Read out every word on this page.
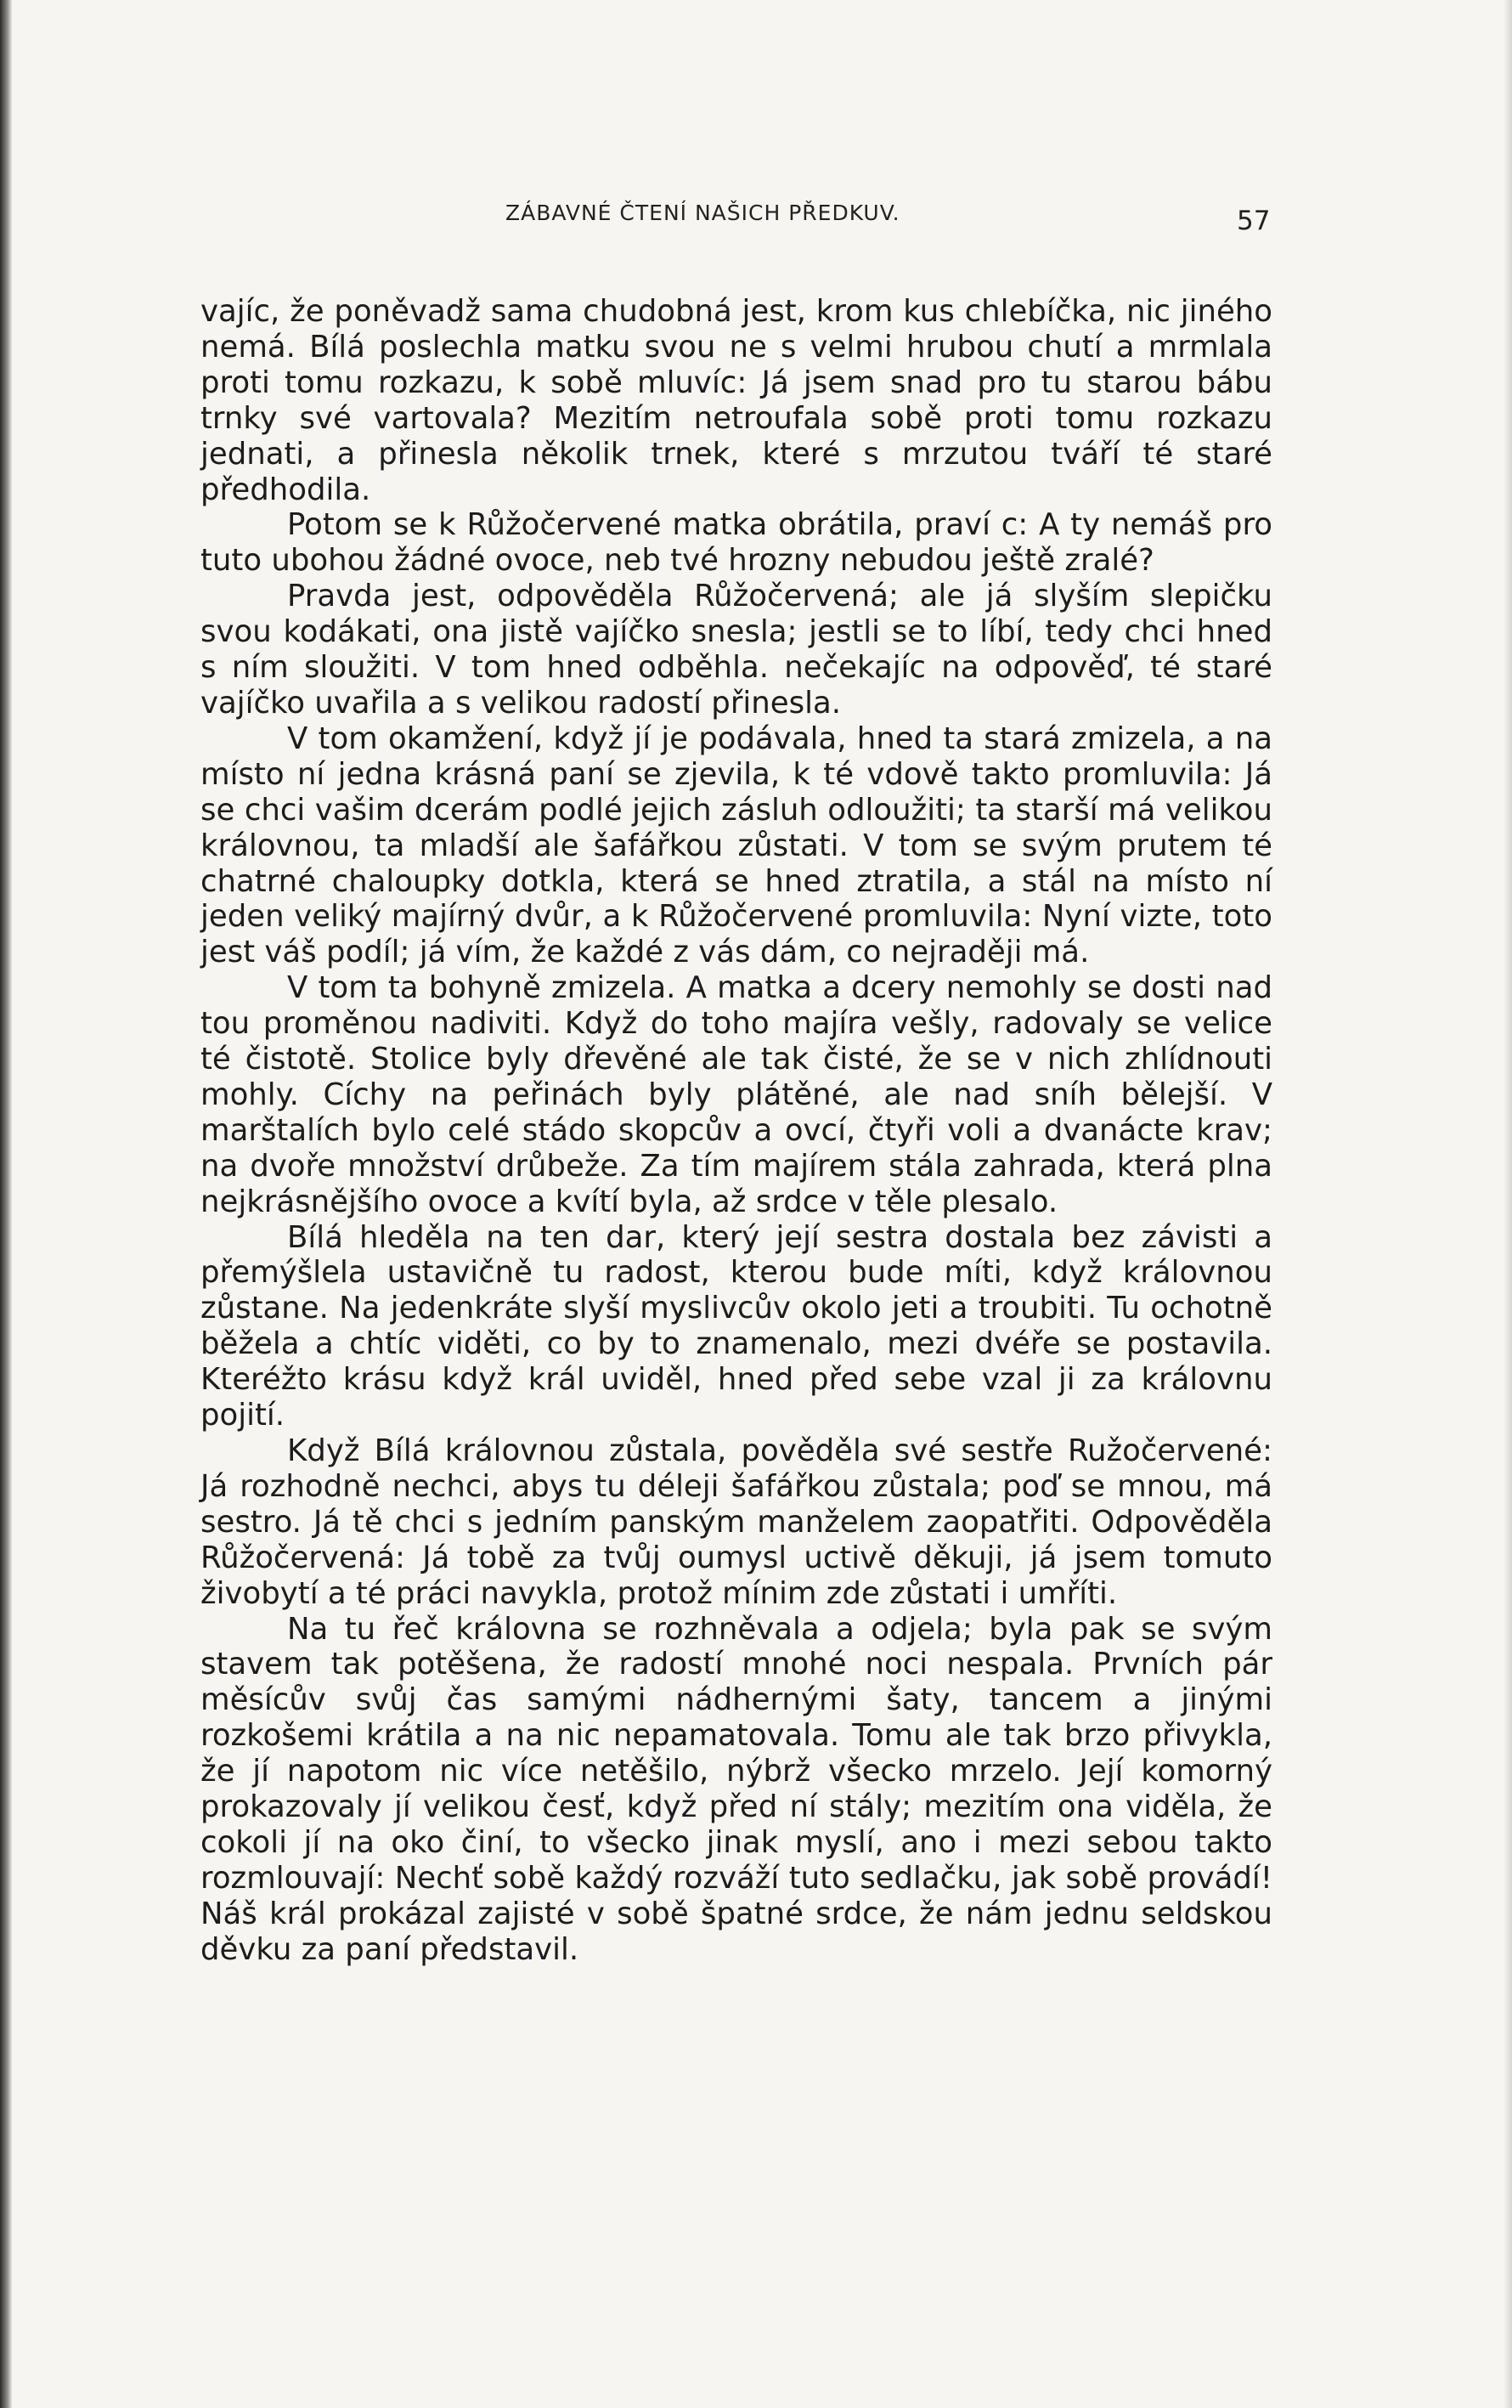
ZÁBAVNÉ ČTENÍ NAŠICH PŘEDKUV.	57

vajíc, že poněvadž sama chudobná jest, krom kus chlebíčka, nic jiného nemá. Bílá poslechla matku svou ne s velmi hrubou chutí a mrmlala proti tomu rozkazu, k sobě mluvíc: Já jsem snad pro tu starou bábu trnky své vartovala? Mezitím netroufala sobě proti tomu rozkazu jednati, a přinesla několik trnek, které s mrzutou tváří té staré předhodila.

Potom se k Růžočervené matka obrátila, praví c: A ty nemáš pro tuto ubohou žádné ovoce, neb tvé hrozny nebudou ještě zralé?

Pravda jest, odpověděla Růžočervená; ale já slyším slepičku svou kodákati, ona jistě vajíčko snesla; jestli se to líbí, tedy chci hned s ním sloužiti. V tom hned odběhla. nečekajíc na odpověď, té staré vajíčko uvařila a s velikou radostí přinesla.

V tom okamžení, když jí je podávala, hned ta stará zmizela, a na místo ní jedna krásná paní se zjevila, k té vdově takto promluvila: Já se chci vašim dcerám podlé jejich zásluh odloužiti; ta starší má velikou královnou, ta mladší ale šafářkou zůstati. V tom se svým prutem té chatrné chaloupky dotkla, která se hned ztratila, a stál na místo ní jeden veliký majírný dvůr, a k Růžočervené promluvila: Nyní vizte, toto jest váš podíl; já vím, že každé z vás dám, co nejraději má.

V tom ta bohyně zmizela. A matka a dcery nemohly se dosti nad tou proměnou nadiviti. Když do toho majíra vešly, radovaly se velice té čistotě. Stolice byly dřevěné ale tak čisté, že se v nich zhlídnouti mohly. Cíchy na peřinách byly plátěné, ale nad sníh bělejší. V marštalích bylo celé stádo skopcův a ovcí, čtyři voli a dvanácte krav; na dvoře množství drůbeže. Za tím majírem stála zahrada, která plna nejkrásnějšího ovoce a kvítí byla, až srdce v těle plesalo.

Bílá hleděla na ten dar, který její sestra dostala bez závisti a přemýšlela ustavičně tu radost, kterou bude míti, když královnou zůstane. Na jedenkráte slyší myslivcův okolo jeti a troubiti. Tu ochotně běžela a chtíc viděti, co by to znamenalo, mezi dvéře se postavila. Kteréžto krásu když král uviděl, hned před sebe vzal ji za královnu pojití.

Když Bílá královnou zůstala, pověděla své sestře Ružočervené: Já rozhodně nechci, abys tu déleji šafářkou zůstala; poď se mnou, má sestro. Já tě chci s jedním panským manželem zaopatřiti. Odpověděla Růžočervená: Já tobě za tvůj oumysl uctivě děkuji, já jsem tomuto živobytí a té práci navykla, protož mínim zde zůstati i umříti.

Na tu řeč královna se rozhněvala a odjela; byla pak se svým stavem tak potěšena, že radostí mnohé noci nespala. Prvních pár měsícův svůj čas samými nádhernými šaty, tancem a jinými rozkošemi krátila a na nic nepamatovala. Tomu ale tak brzo přivykla, že jí napotom nic více netěšilo, nýbrž všecko mrzelo. Její komorný prokazovaly jí velikou česť, když před ní stály; mezitím ona viděla, že cokoli jí na oko činí, to všecko jinak myslí, ano i mezi sebou takto rozmlouvají: Nechť sobě každý rozváží tuto sedlačku, jak sobě provádí! Náš král prokázal zajisté v sobě špatné srdce, že nám jednu seldskou děvku za paní představil.
